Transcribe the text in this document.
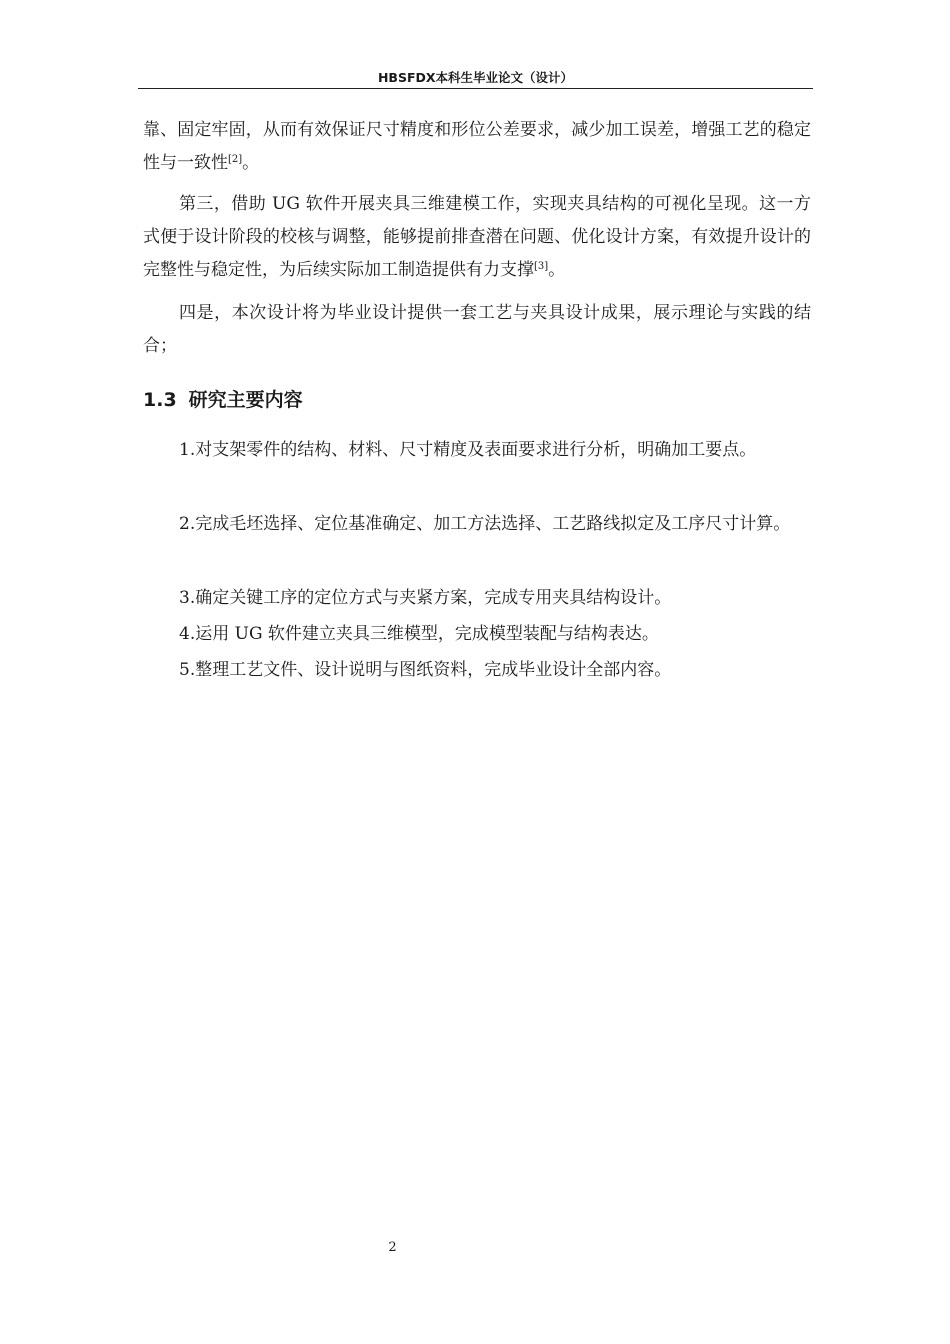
HBSFDX本科生毕业论文（设计）

靠、固定牢固，从而有效保证尺寸精度和形位公差要求，减少加工误差，增强工艺的稳定性与一致性[2]。

第三，借助 UG 软件开展夹具三维建模工作，实现夹具结构的可视化呈现。这一方式便于设计阶段的校核与调整，能够提前排查潜在问题、优化设计方案，有效提升设计的完整性与稳定性，为后续实际加工制造提供有力支撑[3]。

四是，本次设计将为毕业设计提供一套工艺与夹具设计成果，展示理论与实践的结合；

1.3 研究主要内容

1.对支架零件的结构、材料、尺寸精度及表面要求进行分析，明确加工要点。

2.完成毛坯选择、定位基准确定、加工方法选择、工艺路线拟定及工序尺寸计算。

3.确定关键工序的定位方式与夹紧方案，完成专用夹具结构设计。

4.运用 UG 软件建立夹具三维模型，完成模型装配与结构表达。

5.整理工艺文件、设计说明与图纸资料，完成毕业设计全部内容。

2
